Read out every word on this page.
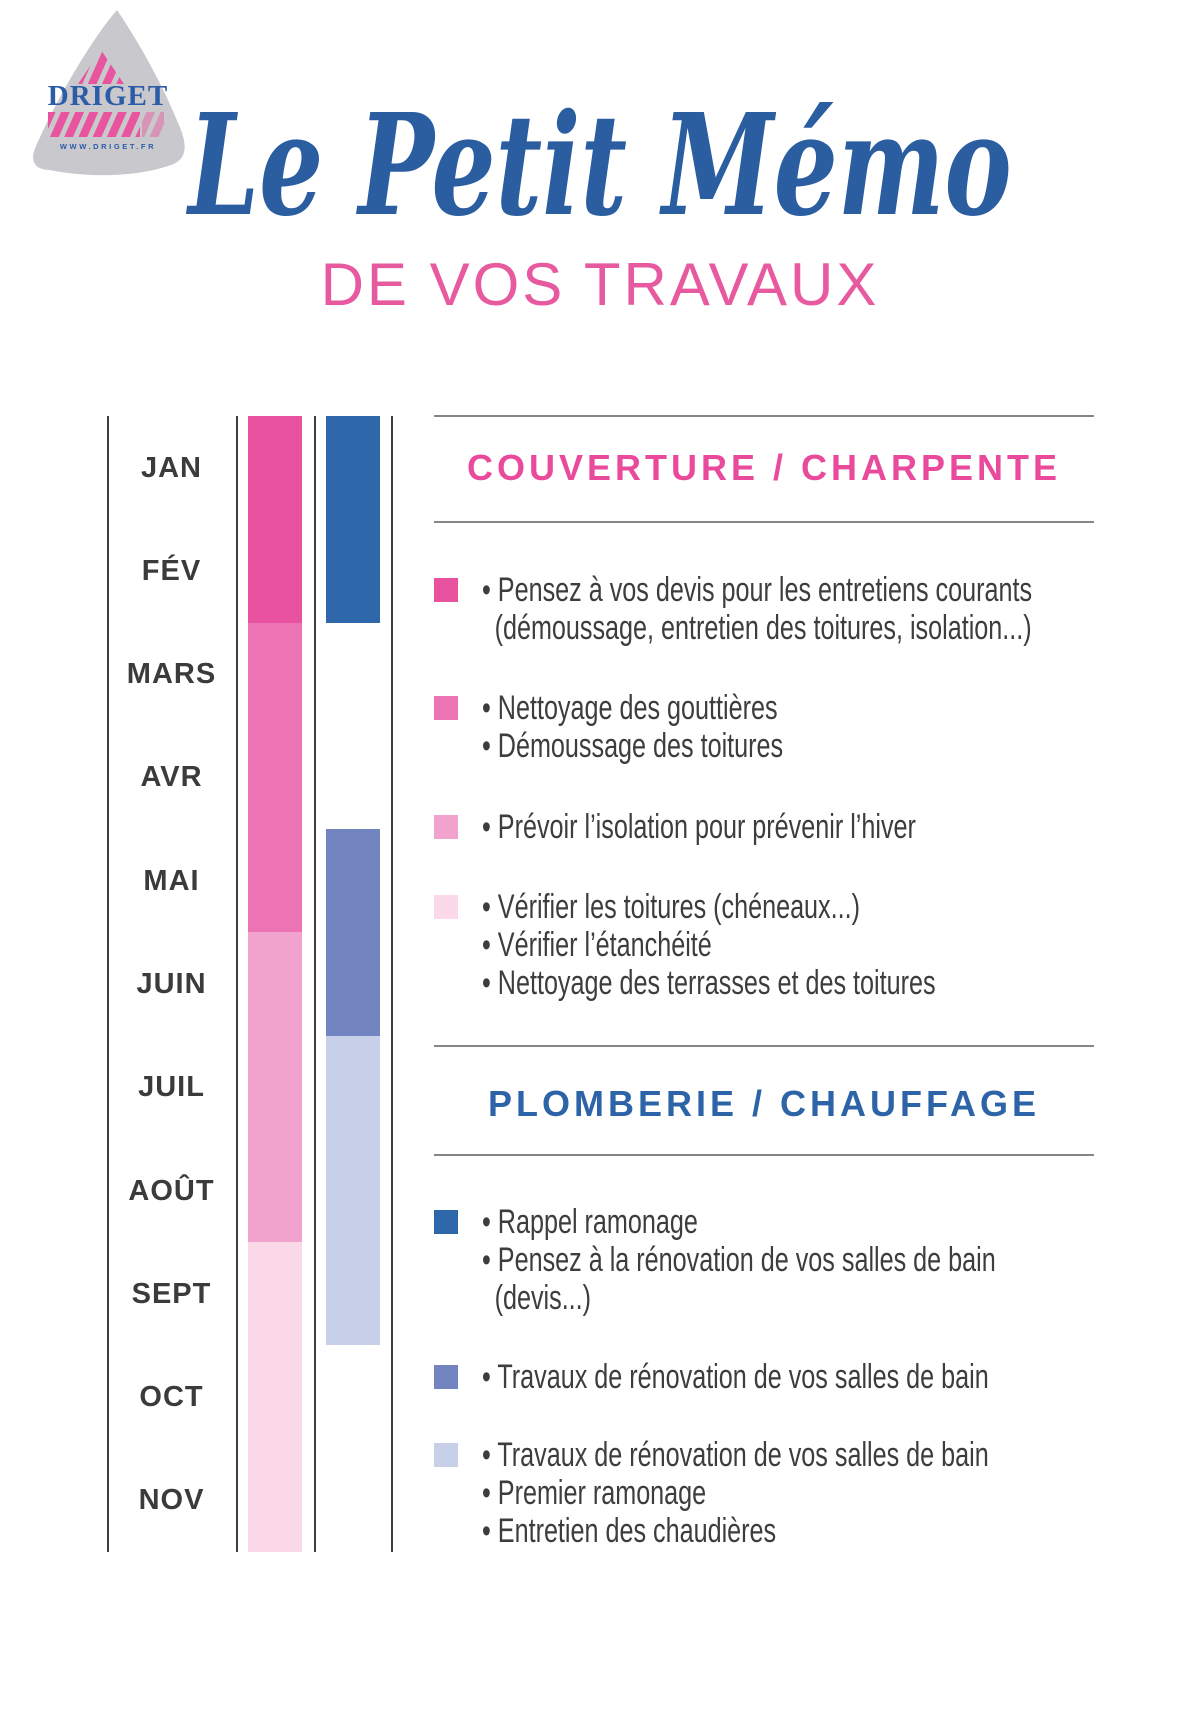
DRIGET
WWW.DRIGET.FR Le Petit Mémo
DE VOS TRAVAUX
JAN
FÉV
MARS
AVR
MAI
JUIN
JUIL
AOÛT
SEPT
OCT
NOV
COUVERTURE / CHARPENTE
PLOMBERIE / CHAUFFAGE
• Pensez à vos devis pour les entretiens courants
(démoussage, entretien des toitures, isolation...)
• Nettoyage des gouttières
• Démoussage des toitures
• Prévoir l’isolation pour prévenir l’hiver
• Vérifier les toitures (chéneaux...)
• Vérifier l’étanchéité
• Nettoyage des terrasses et des toitures
• Rappel ramonage
• Pensez à la rénovation de vos salles de bain
(devis...)
• Travaux de rénovation de vos salles de bain
• Travaux de rénovation de vos salles de bain
• Premier ramonage
• Entretien des chaudières
